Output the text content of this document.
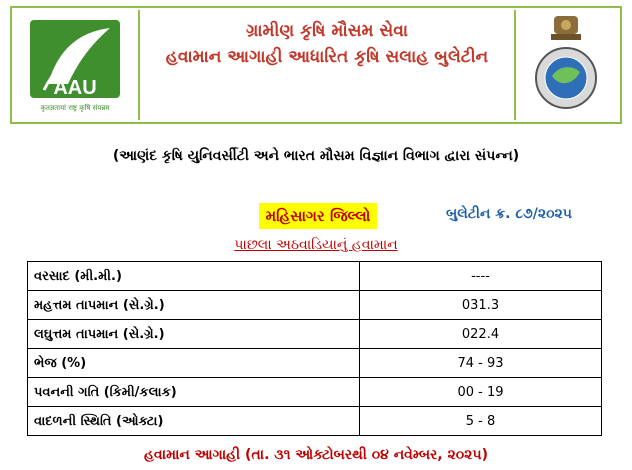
AAU
कृतज्ञतायां राष्ट्र कृषि संपन्नम
ગ્રામીણ કૃષિ મૌસમ સેવા
હવામાન આગાહી આધારિત કૃષિ સલાહ બુલેટીન
(આણંદ કૃષિ યુનિવર્સીટી અને ભારત મૌસમ વિજ્ઞાન વિભાગ દ્વારા સંપન્ન)
મહિસાગર જિલ્લો	બુલેટીન ક્ર. ૮૭/૨૦૨૫
પાછલા અઠવાડિયાનું હવામાન
વરસાદ (મી.મી.)	----
મહત્તમ તાપમાન (સે.ગ્રે.)	031.3
લઘુત્તમ તાપમાન (સે.ગ્રે.)	022.4
ભેજ (%)	74 - 93
પવનની ગતિ (કિમી/કલાક)	00 - 19
વાદળની સ્થિતિ (ઓક્ટા)	5 - 8
હવામાન આગાહી (તા. ૩૧ ઓક્ટોબરથી ૦૪ નવેમ્બર, ૨૦૨૫)
